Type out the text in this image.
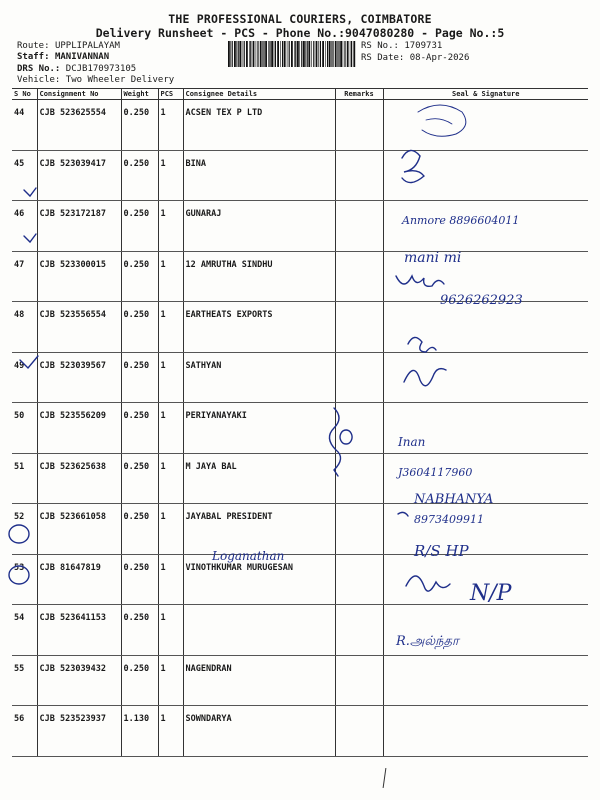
THE PROFESSIONAL COURIERS, COIMBATORE
Delivery Runsheet - PCS - Phone No.:9047080280 - Page No.:5
Route: UPPLIPALAYAM
Staff: MANIVANNAN
DRS No.: DCJB170973105
Vehicle: Two Wheeler Delivery
RS No.: 1709731
RS Date: 08-Apr-2026
S No	Consignment No	Weight	PCS	Consignee Details	Remarks	Seal & Signature
44	CJB 523625554	0.250	1	ACSEN TEX P LTD		
45	CJB 523039417	0.250	1	BINA		
46	CJB 523172187	0.250	1	GUNARAJ		
47	CJB 523300015	0.250	1	12 AMRUTHA SINDHU		
48	CJB 523556554	0.250	1	EARTHEATS EXPORTS		
49	CJB 523039567	0.250	1	SATHYAN		
50	CJB 523556209	0.250	1	PERIYANAYAKI		
51	CJB 523625638	0.250	1	M JAYA BAL		
52	CJB 523661058	0.250	1	JAYABAL PRESIDENT		
53	CJB 81647819	0.250	1	VINOTHKUMAR MURUGESAN		
54	CJB 523641153	0.250	1			
55	CJB 523039432	0.250	1	NAGENDRAN		
56	CJB 523523937	1.130	1	SOWNDARYA		
Anmore 8896604011
mani mi
9626262923
Inan
J3604117960
NABHANYA
8973409911
Loganathan	R/S HP
N/P
R.அல்ந்தா
